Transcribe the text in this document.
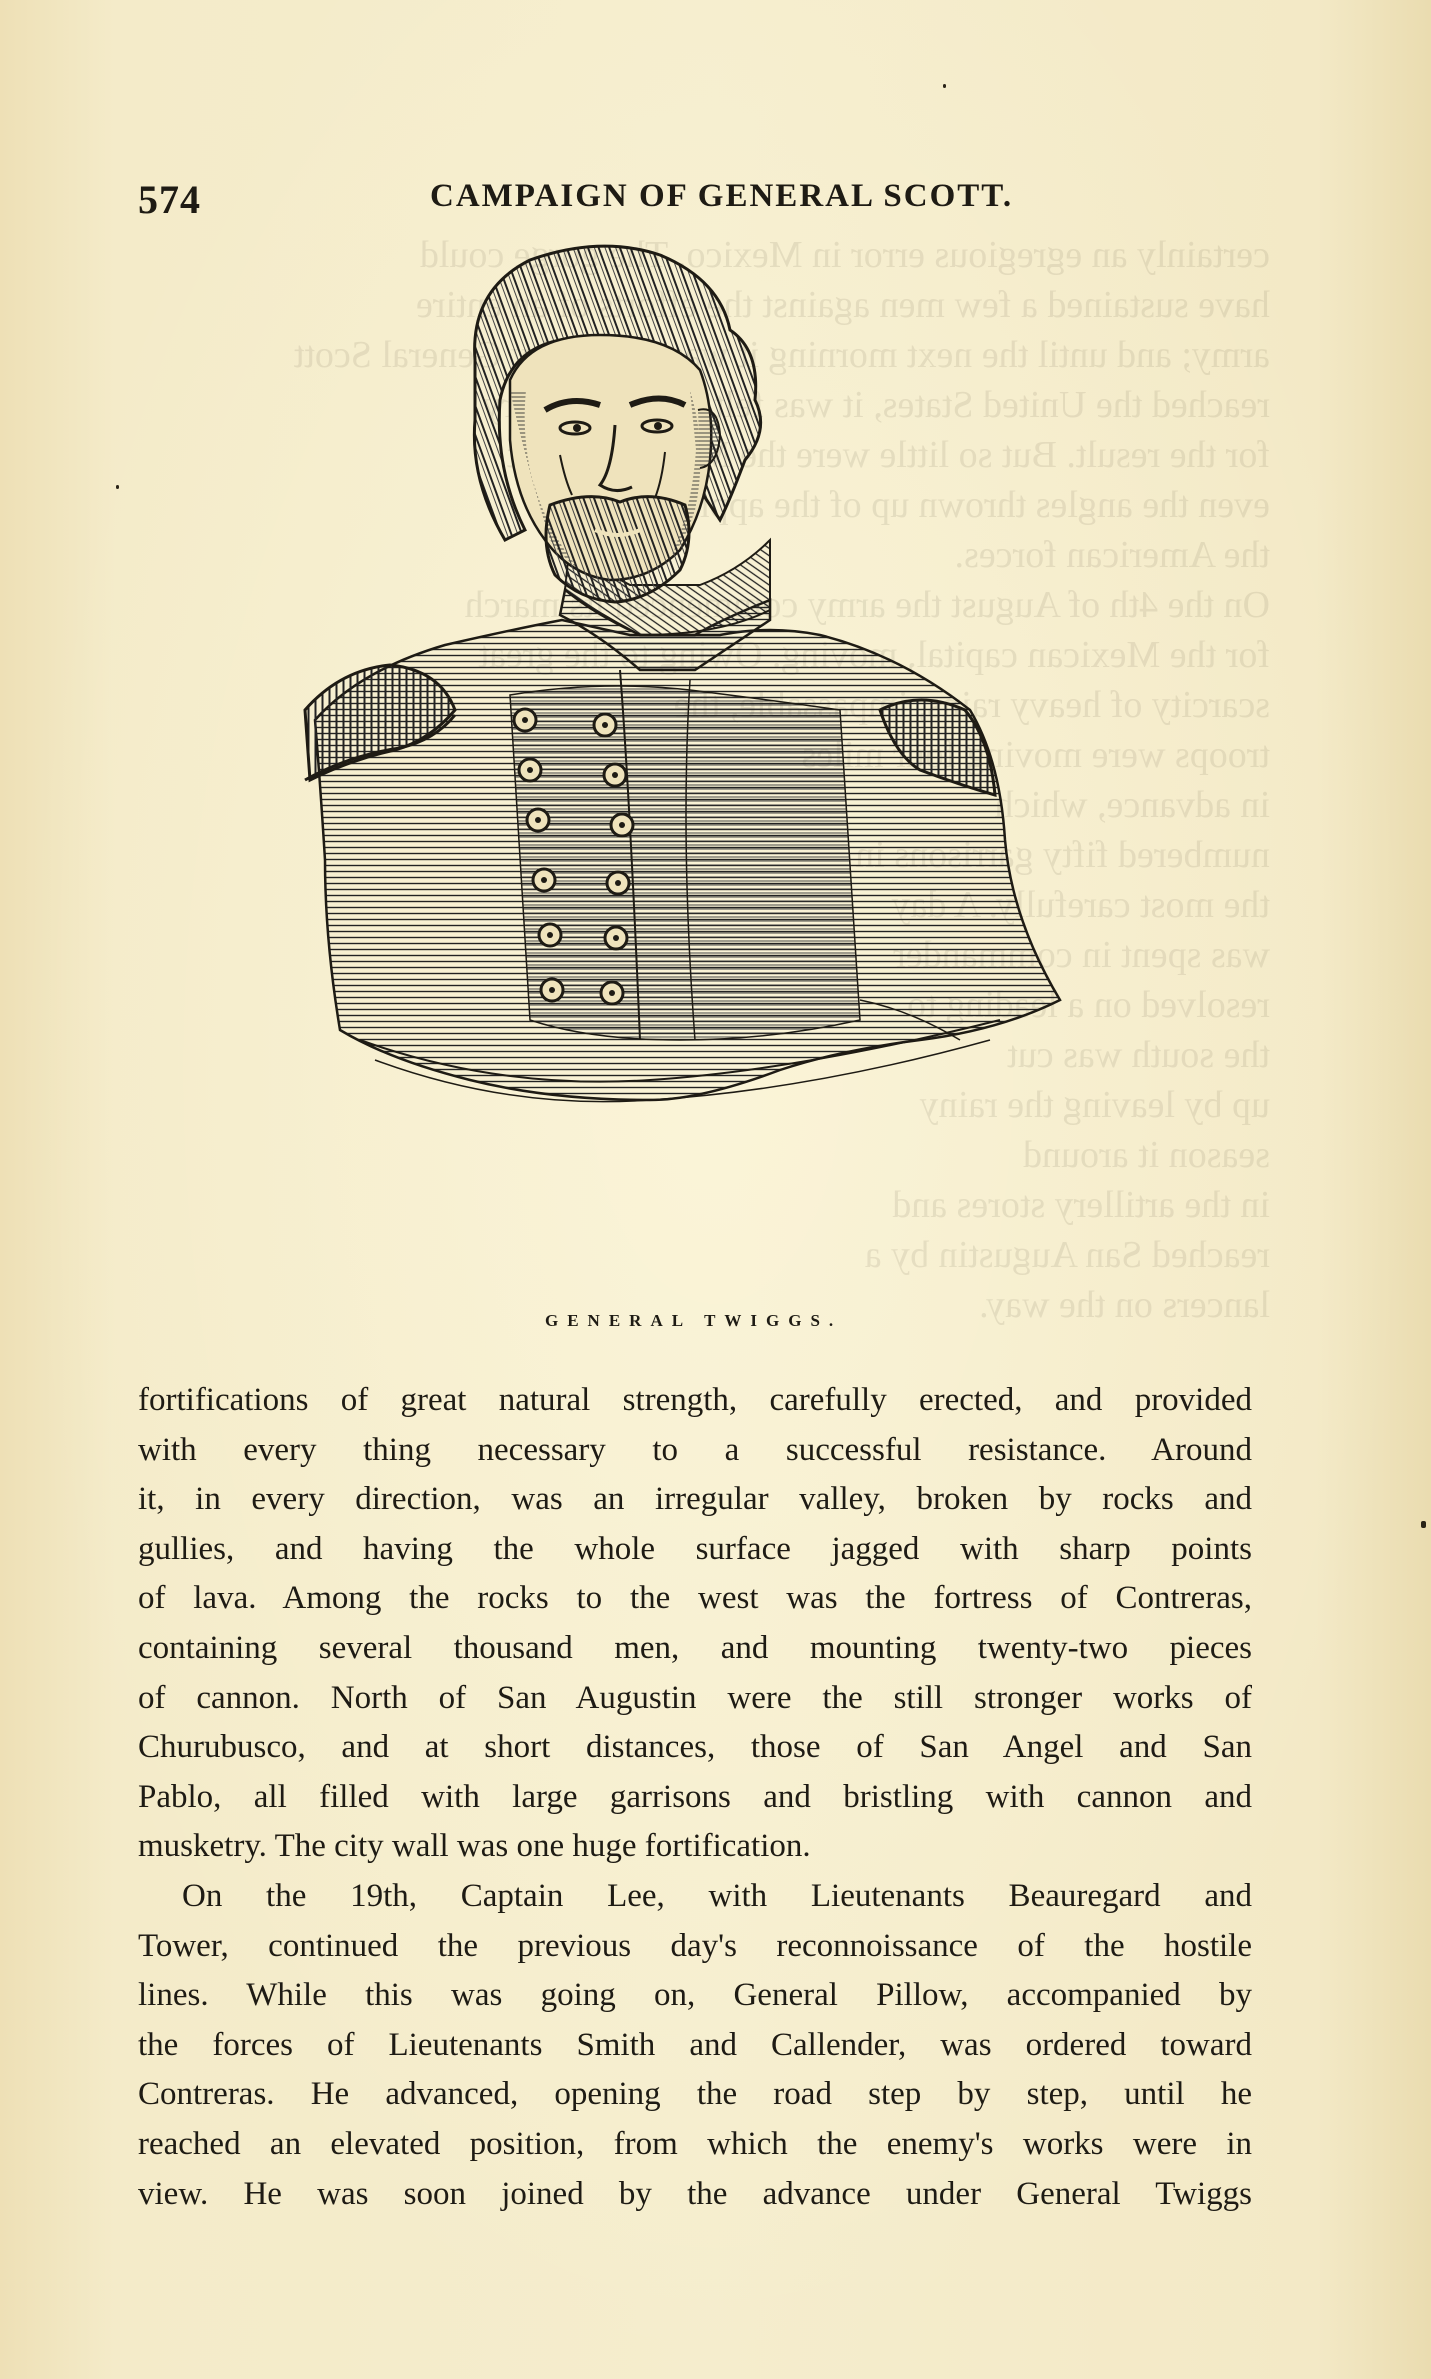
certainly an egregious error in Mexico.   could
have sustained a few men against the    entire
army; and until the next morning     General Scott
reached the United States, it was
for the result. But so little were the
even the angles thrown up of the
the American forces.
On the 4th of August the army   march
for the Mexican capital,
scarcity of heavy
troops were moving
in advance, which
numbered fifty
the most carefully.
was spent in
resolved on a
the south was cut
up by leaving the rainy
season it around
in the artillery stores and
reached San Augustin by a
lancers on the way.
574	CAMPAIGN OF GENERAL SCOTT.
GENERAL TWIGGS.
fortifications of great natural strength, carefully erected, and provided
with every thing necessary to a successful resistance. Around
it, in every direction, was an irregular valley, broken by rocks and
gullies, and having the whole surface jagged with sharp points
of lava. Among the rocks to the west was the fortress of Contreras,
containing several thousand men, and mounting twenty-two pieces
of cannon. North of San Augustin were the still stronger works of
Churubusco, and at short distances, those of San Angel and San
Pablo, all filled with large garrisons and bristling with cannon and
musketry. The city wall was one huge fortification.
On the 19th, Captain Lee, with Lieutenants Beauregard and
Tower, continued the previous day's reconnoissance of the hostile
lines. While this was going on, General Pillow, accompanied by
the forces of Lieutenants Smith and Callender, was ordered toward
Contreras. He advanced, opening the road step by step, until he
reached an elevated position, from which the enemy's works were in
view. He was soon joined by the advance under General Twiggs
